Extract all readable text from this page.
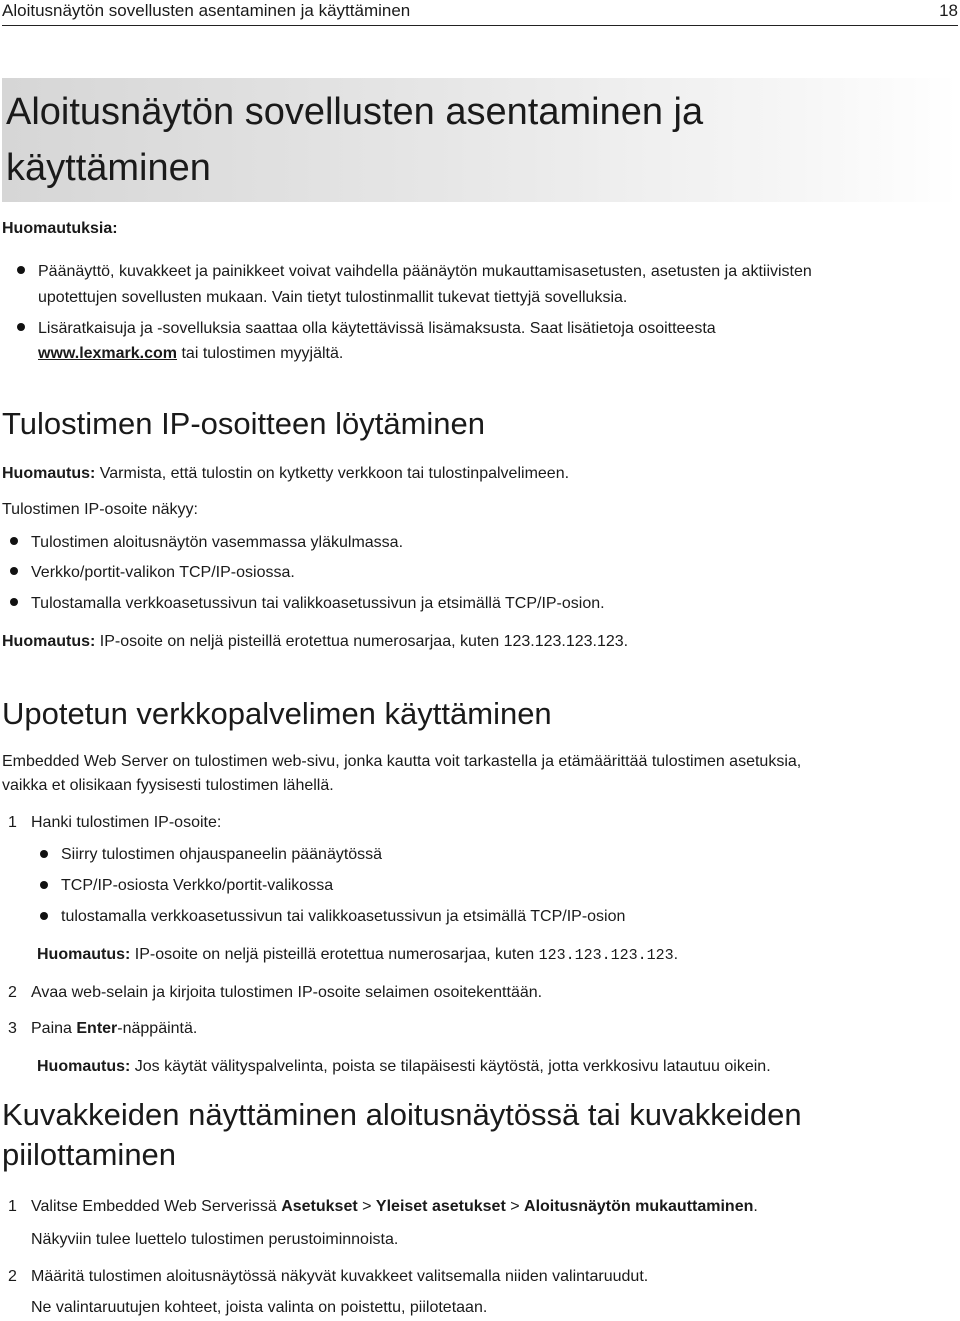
Aloitusnäytön sovellusten asentaminen ja käyttäminen	18
Aloitusnäytön sovellusten asentaminen ja
käyttäminen
Huomautuksia:
Päänäyttö, kuvakkeet ja painikkeet voivat vaihdella päänäytön mukauttamisasetusten, asetusten ja aktiivisten
upotettujen sovellusten mukaan. Vain tietyt tulostinmallit tukevat tiettyjä sovelluksia.
Lisäratkaisuja ja -sovelluksia saattaa olla käytettävissä lisämaksusta. Saat lisätietoja osoitteesta
www.lexmark.com tai tulostimen myyjältä.
Tulostimen IP-osoitteen löytäminen
Huomautus: Varmista, että tulostin on kytketty verkkoon tai tulostinpalvelimeen.
Tulostimen IP-osoite näkyy:
Tulostimen aloitusnäytön vasemmassa yläkulmassa.
Verkko/portit-valikon TCP/IP-osiossa.
Tulostamalla verkkoasetussivun tai valikkoasetussivun ja etsimällä TCP/IP-osion.
Huomautus: IP-osoite on neljä pisteillä erotettua numerosarjaa, kuten 123.123.123.123.
Upotetun verkkopalvelimen käyttäminen
Embedded Web Server on tulostimen web-sivu, jonka kautta voit tarkastella ja etämäärittää tulostimen asetuksia,
vaikka et olisikaan fyysisesti tulostimen lähellä.
1 Hanki tulostimen IP-osoite:
Siirry tulostimen ohjauspaneelin päänäytössä
TCP/IP-osiosta Verkko/portit-valikossa
tulostamalla verkkoasetussivun tai valikkoasetussivun ja etsimällä TCP/IP-osion
Huomautus: IP-osoite on neljä pisteillä erotettua numerosarjaa, kuten 123.123.123.123.
2 Avaa web-selain ja kirjoita tulostimen IP-osoite selaimen osoitekenttään.
3 Paina Enter-näppäintä.
Huomautus: Jos käytät välityspalvelinta, poista se tilapäisesti käytöstä, jotta verkkosivu latautuu oikein.
Kuvakkeiden näyttäminen aloitusnäytössä tai kuvakkeiden
piilottaminen
1 Valitse Embedded Web Serverissä Asetukset > Yleiset asetukset > Aloitusnäytön mukauttaminen.
Näkyviin tulee luettelo tulostimen perustoiminnoista.
2 Määritä tulostimen aloitusnäytössä näkyvät kuvakkeet valitsemalla niiden valintaruudut.
Ne valintaruutujen kohteet, joista valinta on poistettu, piilotetaan.
